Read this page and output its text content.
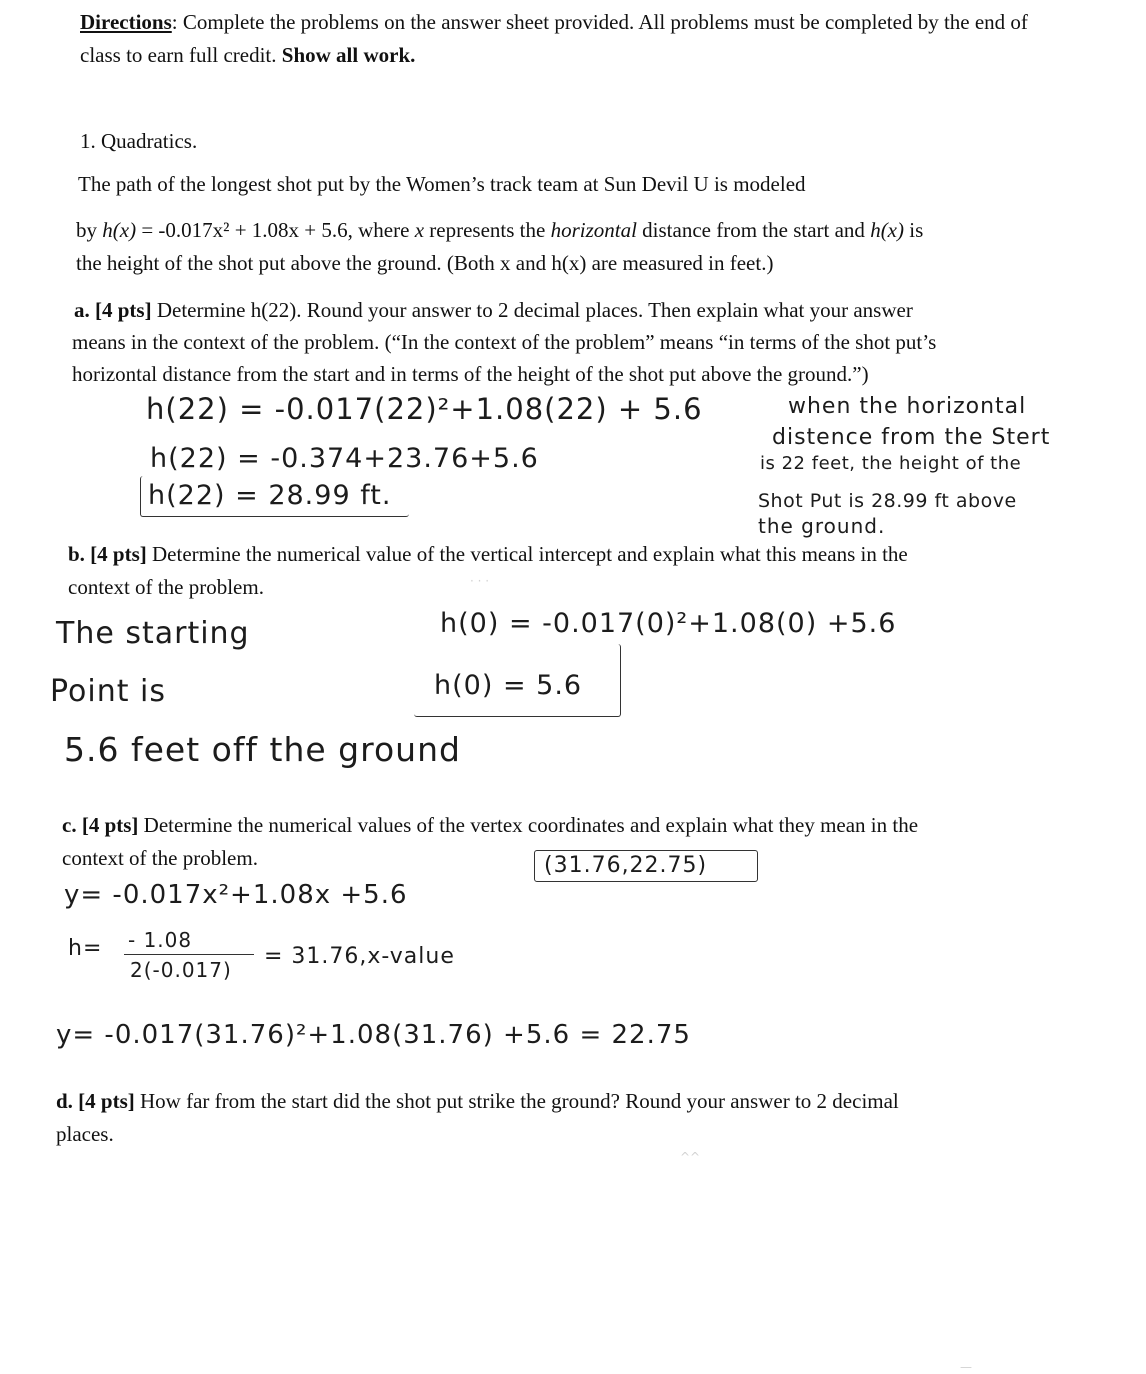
Directions: Complete the problems on the answer sheet provided. All problems must be completed by the end of
class to earn full credit. Show all work.
1. Quadratics.
The path of the longest shot put by the Women’s track team at Sun Devil U is modeled
by h(x) = -0.017x² + 1.08x + 5.6, where x represents the horizontal distance from the start and h(x) is
the height of the shot put above the ground. (Both x and h(x) are measured in feet.)
a. [4 pts] Determine h(22). Round your answer to 2 decimal places. Then explain what your answer
means in the context of the problem. (“In the context of the problem” means “in terms of the shot put’s
horizontal distance from the start and in terms of the height of the shot put above the ground.”)
h(22) = -0.017(22)²+1.08(22) + 5.6
h(22) = -0.374+23.76+5.6
h(22) = 28.99 ft.
when the horizontal
distence from the Stert
is 22 feet, the height of the
Shot Put is 28.99 ft above
the ground.
b. [4 pts] Determine the numerical value of the vertical intercept and explain what this means in the
context of the problem.
h(0) = -0.017(0)²+1.08(0) +5.6
h(0) = 5.6
The starting
Point is
5.6 feet off the ground
c. [4 pts] Determine the numerical values of the vertex coordinates and explain what they mean in the
context of the problem.	(31.76,22.75)
y= -0.017x²+1.08x +5.6
h= - 1.08
2(-0.017)
= 31.76,x-value
y= -0.017(31.76)²+1.08(31.76) +5.6 = 22.75
d. [4 pts] How far from the start did the shot put strike the ground? Round your answer to 2 decimal
places.
· · ·
^^
—
